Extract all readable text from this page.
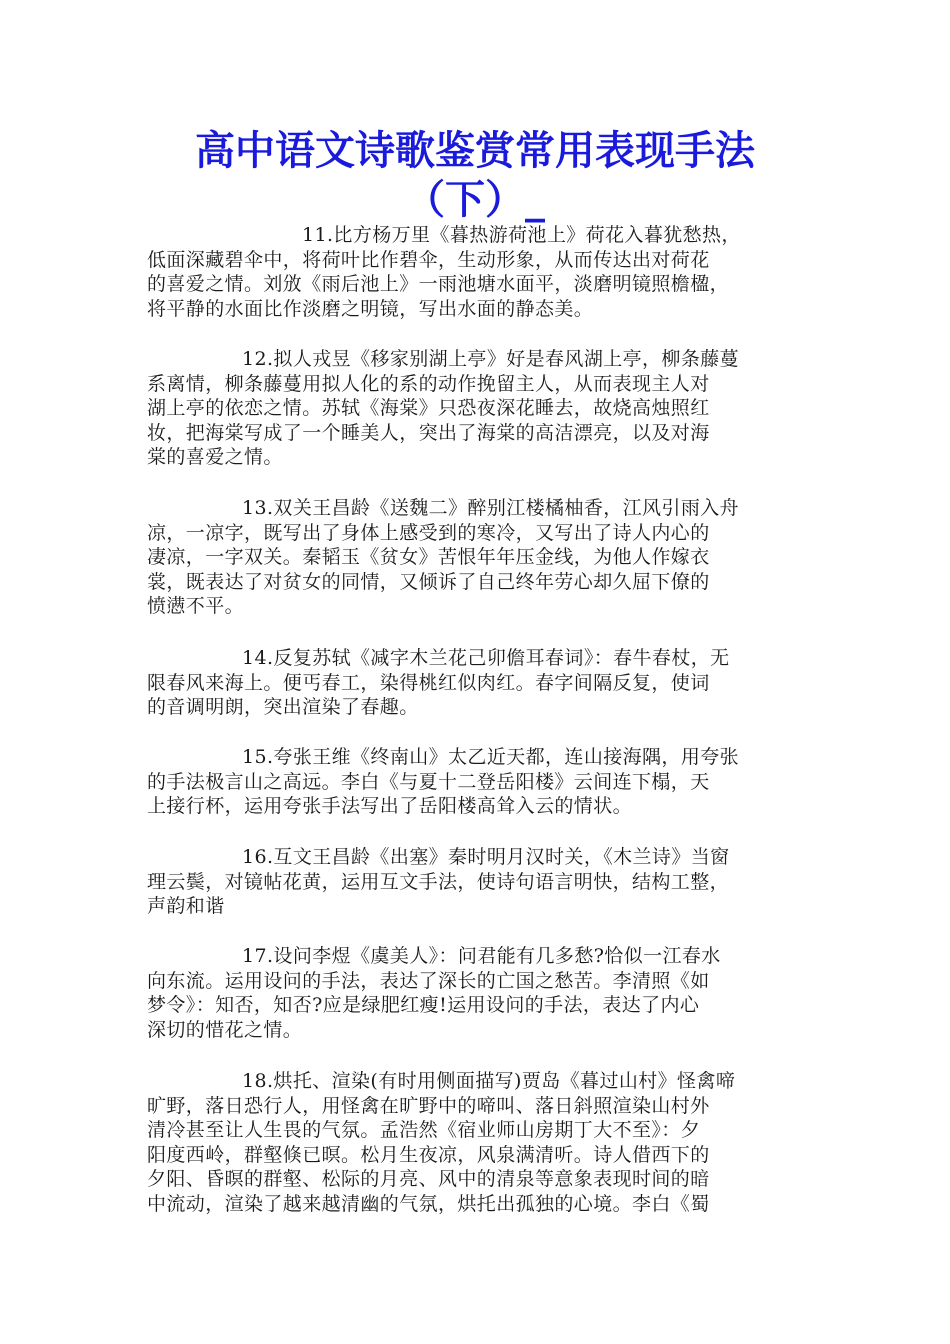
高中语文诗歌鉴赏常用表现手法
（下）_
11.比方杨万里《暮热游荷池上》荷花入暮犹愁热，
低面深藏碧伞中，将荷叶比作碧伞，生动形象，从而传达出对荷花
的喜爱之情。刘攽《雨后池上》一雨池塘水面平，淡磨明镜照檐楹，
将平静的水面比作淡磨之明镜，写出水面的静态美。
12.拟人戎昱《移家别湖上亭》好是春风湖上亭，柳条藤蔓
系离情，柳条藤蔓用拟人化的系的动作挽留主人，从而表现主人对
湖上亭的依恋之情。苏轼《海棠》只恐夜深花睡去，故烧高烛照红
妆，把海棠写成了一个睡美人，突出了海棠的高洁漂亮，以及对海
棠的喜爱之情。
13.双关王昌龄《送魏二》醉别江楼橘柚香，江风引雨入舟
凉，一凉字，既写出了身体上感受到的寒冷，又写出了诗人内心的
凄凉，一字双关。秦韬玉《贫女》苦恨年年压金线，为他人作嫁衣
裳，既表达了对贫女的同情，又倾诉了自己终年劳心却久屈下僚的
愤懑不平。
14.反复苏轼《减字木兰花己卯儋耳春词》：春牛春杖，无
限春风来海上。便丐春工，染得桃红似肉红。春字间隔反复，使词
的音调明朗，突出渲染了春趣。
15.夸张王维《终南山》太乙近天都，连山接海隅，用夸张
的手法极言山之高远。李白《与夏十二登岳阳楼》云间连下榻，天
上接行杯，运用夸张手法写出了岳阳楼高耸入云的情状。
16.互文王昌龄《出塞》秦时明月汉时关，《木兰诗》当窗
理云鬓，对镜帖花黄，运用互文手法，使诗句语言明快，结构工整，
声韵和谐
17.设问李煜《虞美人》：问君能有几多愁?恰似一江春水
向东流。运用设问的手法，表达了深长的亡国之愁苦。李清照《如
梦令》：知否，知否?应是绿肥红瘦!运用设问的手法，表达了内心
深切的惜花之情。
18.烘托、渲染(有时用侧面描写)贾岛《暮过山村》怪禽啼
旷野，落日恐行人，用怪禽在旷野中的啼叫、落日斜照渲染山村外
清冷甚至让人生畏的气氛。孟浩然《宿业师山房期丁大不至》：夕
阳度西岭，群壑倏已暝。松月生夜凉，风泉满清听。诗人借西下的
夕阳、昏暝的群壑、松际的月亮、风中的清泉等意象表现时间的暗
中流动，渲染了越来越清幽的气氛，烘托出孤独的心境。李白《蜀
